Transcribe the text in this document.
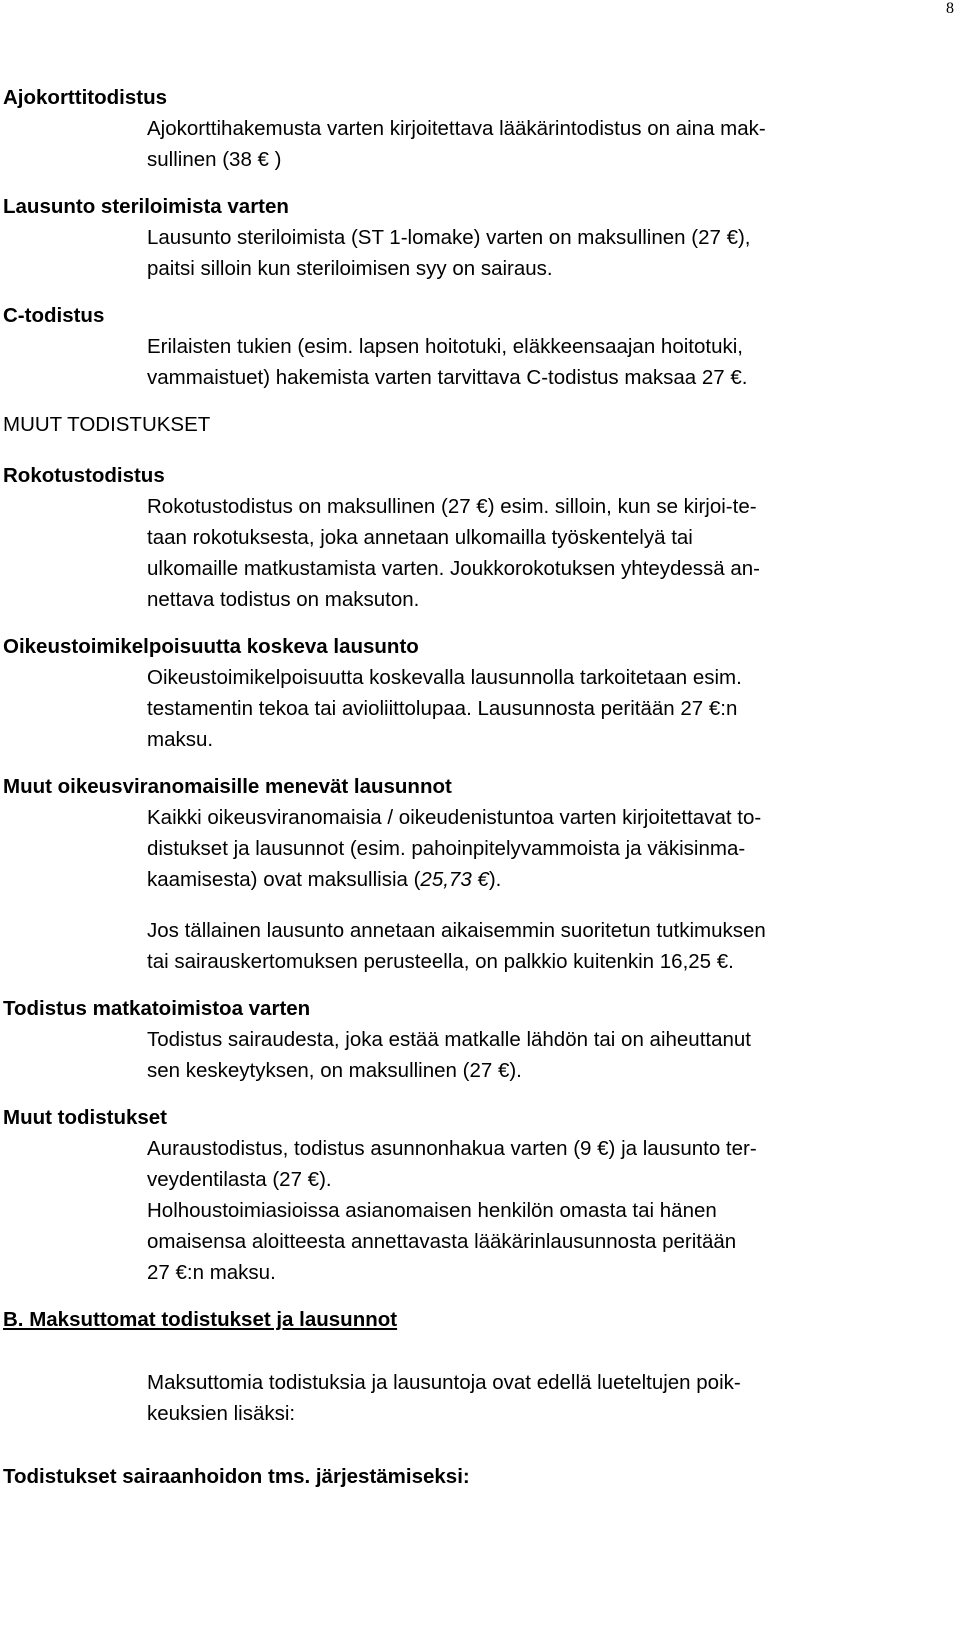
8

Ajokorttitodistus

Ajokorttihakemusta varten kirjoitettava lääkärintodistus on aina mak-

sullinen (38 € )

Lausunto steriloimista varten

Lausunto steriloimista (ST 1-lomake) varten on maksullinen (27 €),

paitsi silloin kun steriloimisen syy on sairaus.

C-todistus

Erilaisten tukien (esim. lapsen hoitotuki, eläkkeensaajan hoitotuki,

vammaistuet) hakemista varten tarvittava C-todistus maksaa 27 €.

MUUT TODISTUKSET

Rokotustodistus

Rokotustodistus on maksullinen (27 €) esim. silloin, kun se kirjoi-te-

taan rokotuksesta, joka annetaan ulkomailla työskentelyä tai

ulkomaille matkustamista varten. Joukkorokotuksen yhteydessä an-

nettava todistus on maksuton.

Oikeustoimikelpoisuutta koskeva lausunto

Oikeustoimikelpoisuutta koskevalla lausunnolla tarkoitetaan esim.

testamentin tekoa tai avioliittolupaa. Lausunnosta peritään 27 €:n

maksu.

Muut oikeusviranomaisille menevät lausunnot

Kaikki oikeusviranomaisia / oikeudenistuntoa varten kirjoitettavat to-

distukset ja lausunnot (esim. pahoinpitelyvammoista ja väkisinma-

kaamisesta) ovat maksullisia (25,73 €).

Jos tällainen lausunto annetaan aikaisemmin suoritetun tutkimuksen

tai sairauskertomuksen perusteella, on palkkio kuitenkin 16,25 €.

Todistus matkatoimistoa varten

Todistus sairaudesta, joka estää matkalle lähdön tai on aiheuttanut

sen keskeytyksen, on maksullinen (27 €).

Muut todistukset

Auraustodistus, todistus asunnonhakua varten (9 €) ja lausunto ter-

veydentilasta (27 €).

Holhoustoimiasioissa asianomaisen henkilön omasta tai hänen

omaisensa aloitteesta annettavasta lääkärinlausunnosta peritään

27 €:n maksu.

B. Maksuttomat todistukset ja lausunnot

Maksuttomia todistuksia ja lausuntoja ovat edellä lueteltujen poik-

keuksien lisäksi:

Todistukset sairaanhoidon tms. järjestämiseksi:
